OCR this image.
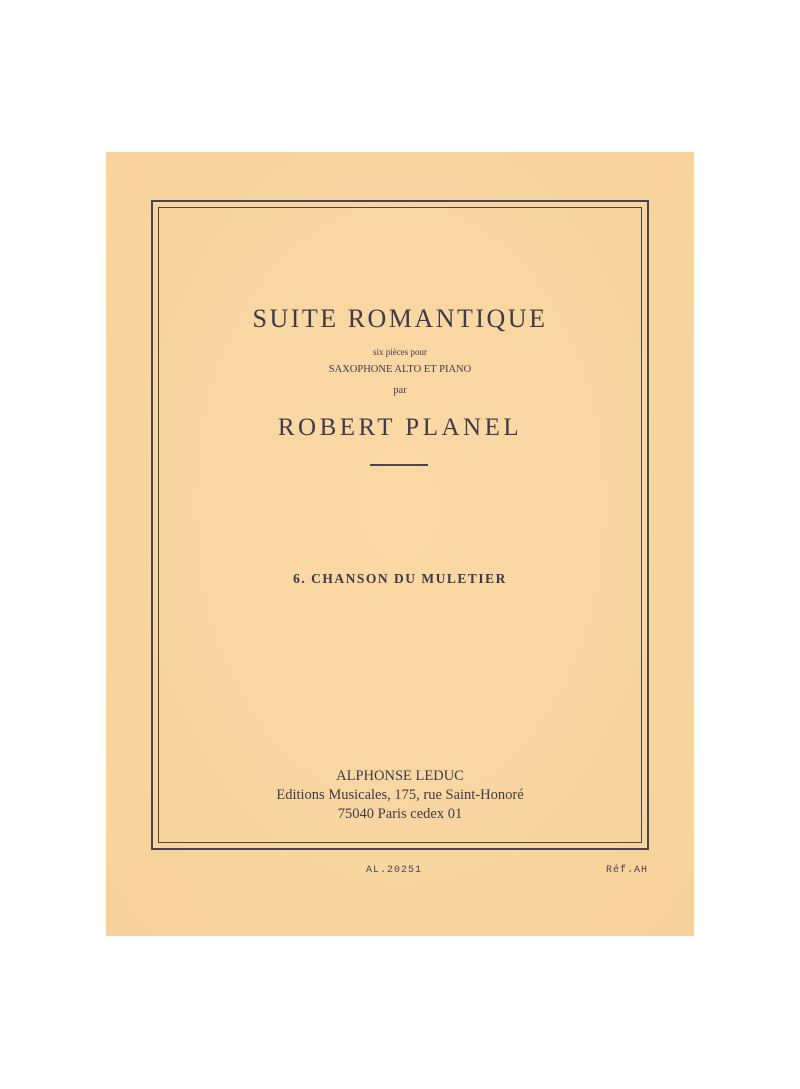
SUITE ROMANTIQUE
six pièces pour
SAXOPHONE ALTO ET PIANO
par
ROBERT PLANEL
6. CHANSON DU MULETIER
ALPHONSE LEDUC
Editions Musicales, 175, rue Saint-Honoré
75040 Paris cedex 01
AL.20251	Réf.AH
